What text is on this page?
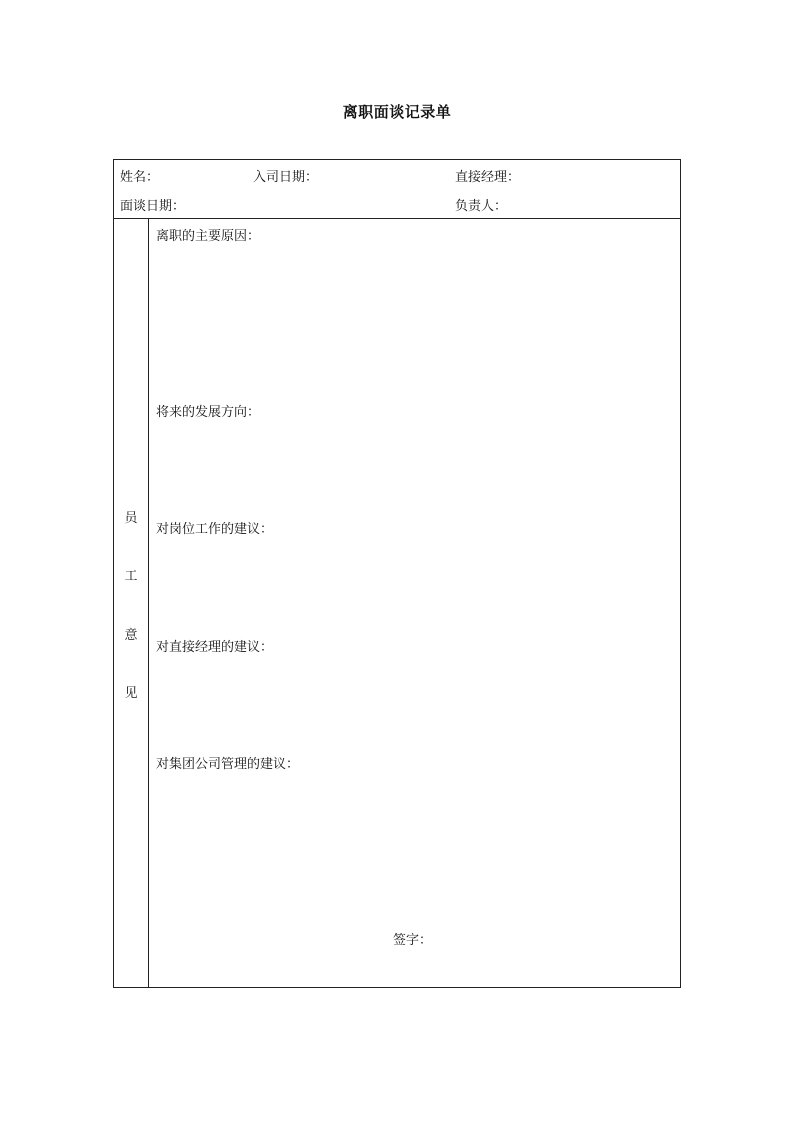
离职面谈记录单
姓名：	入司日期：	直接经理：
面谈日期：	负责人：
员
工
意
见
离职的主要原因：
将来的发展方向：
对岗位工作的建议：
对直接经理的建议：
对集团公司管理的建议：
签字：
